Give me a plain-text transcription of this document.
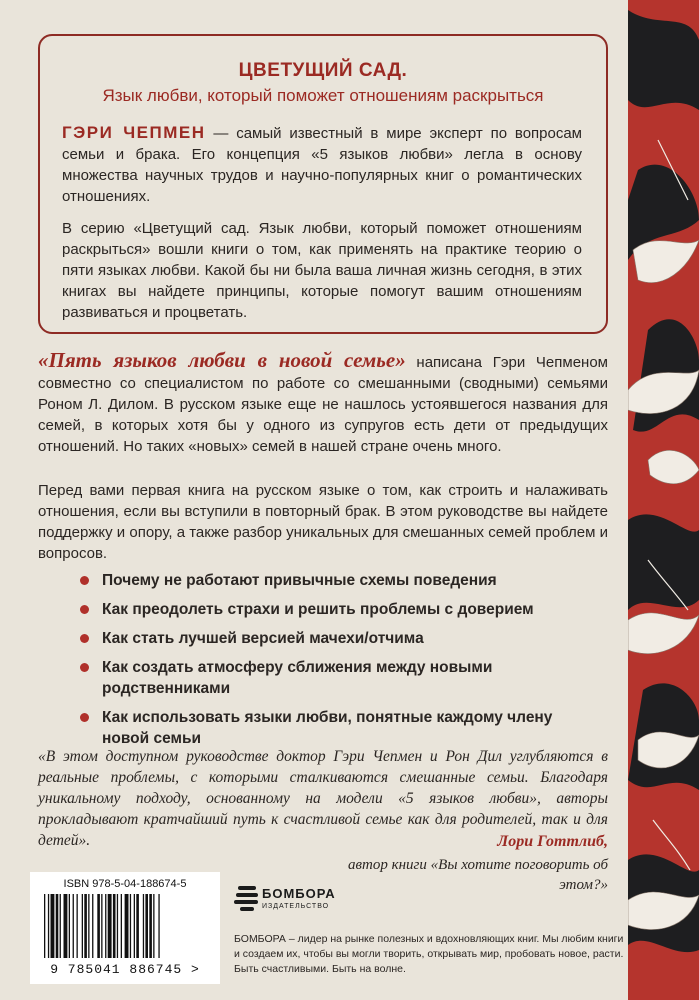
ЦВЕТУЩИЙ САД.
Язык любви, который поможет отношениям раскрыться
ГЭРИ ЧЕПМЕН — самый известный в мире эксперт по вопросам семьи и брака. Его концепция «5 языков любви» легла в основу множества научных трудов и научно-популярных книг о романтических отношениях.
В серию «Цветущий сад. Язык любви, который поможет отношениям раскрыться» вошли книги о том, как применять на практике теорию о пяти языках любви. Какой бы ни была ваша личная жизнь сегодня, в этих книгах вы найдете принципы, которые помогут вашим отношениям развиваться и процветать.
«Пять языков любви в новой семье» написана Гэри Чепменом совместно со специалистом по работе со смешанными (сводными) семьями Роном Л. Дилом. В русском языке еще не нашлось устоявшегося названия для семей, в которых хотя бы у одного из супругов есть дети от предыдущих отношений. Но таких «новых» семей в нашей стране очень много.
Перед вами первая книга на русском языке о том, как строить и налаживать отношения, если вы вступили в повторный брак. В этом руководстве вы найдете поддержку и опору, а также разбор уникальных для смешанных семей проблем и вопросов.
Почему не работают привычные схемы поведения
Как преодолеть страхи и решить проблемы с доверием
Как стать лучшей версией мачехи/отчима
Как создать атмосферу сближения между новыми родственниками
Как использовать языки любви, понятные каждому члену новой семьи
«В этом доступном руководстве доктор Гэри Чепмен и Рон Дил углубляются в реальные проблемы, с которыми сталкиваются смешанные семьи. Благодаря уникальному подходу, основанному на модели «5 языков любви», авторы прокладывают кратчайший путь к счастливой семье как для родителей, так и для детей».	Лори Готтлиб,
автор книги «Вы хотите поговорить об этом?»
ISBN 978-5-04-188674-5
9 785041 886745 >
БОМБОРА
ИЗДАТЕЛЬСТВО
БОМБОРА – лидер на рынке полезных и вдохновляющих книг. Мы любим книги и создаем их, чтобы вы могли творить, открывать мир, пробовать новое, расти. Быть счастливыми. Быть на волне.
